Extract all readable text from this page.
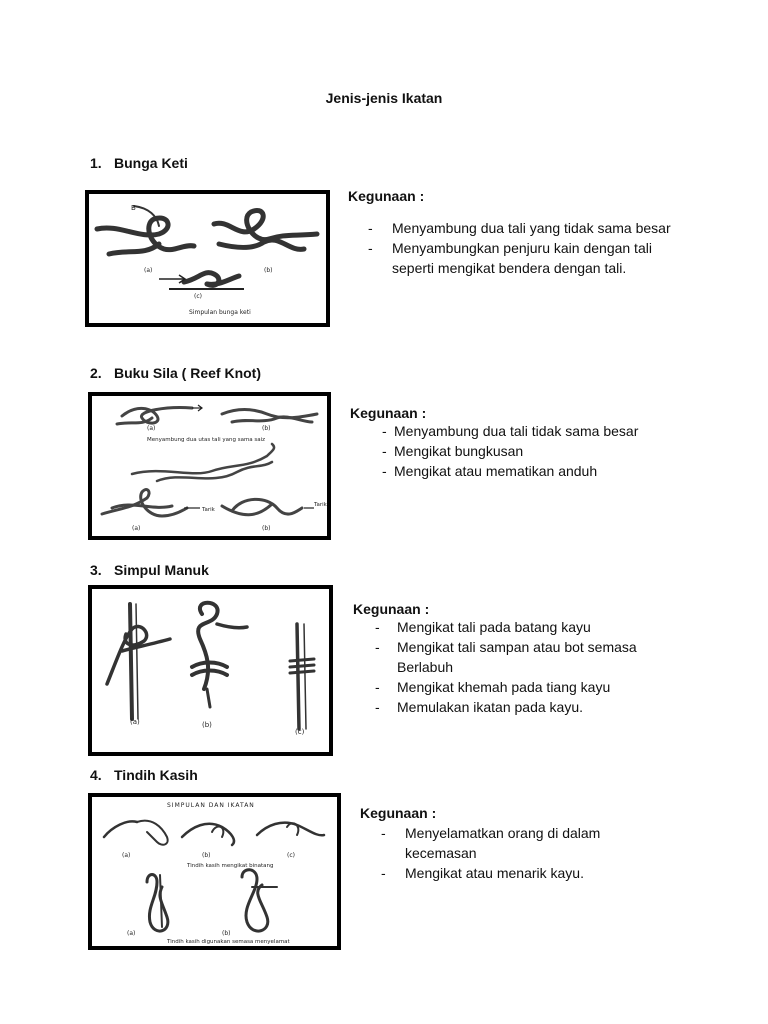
Jenis-jenis Ikatan
1. Bunga Keti
B
(a)	(b)
(c)
Simpulan bunga keti
Kegunaan :
-	Menyambung dua tali yang tidak sama besar
-	Menyambungkan penjuru kain dengan tali seperti mengikat bendera dengan tali.
2. Buku Sila ( Reef Knot)
(a)	(b)
Menyambung dua utas tali yang sama saiz
Tarik
Tarik
(a)	(b)
Kegunaan :
- Menyambung dua tali tidak sama besar
- Mengikat bungkusan
- Mengikat atau mematikan anduh
3. Simpul Manuk
(a)	(b)
(c)
Kegunaan :
-	Mengikat tali pada batang kayu
-	Mengikat tali sampan atau bot semasa Berlabuh
-	Mengikat khemah pada tiang kayu
-	Memulakan ikatan pada kayu.
4. Tindih Kasih
SIMPULAN DAN IKATAN
(a)	(b)	(c)
Tindih kasih mengikat binatang
(a)	(b)
Tindih kasih digunakan semasa menyelamat
Kegunaan :
-	Menyelamatkan orang di dalam kecemasan
-	Mengikat atau menarik kayu.
